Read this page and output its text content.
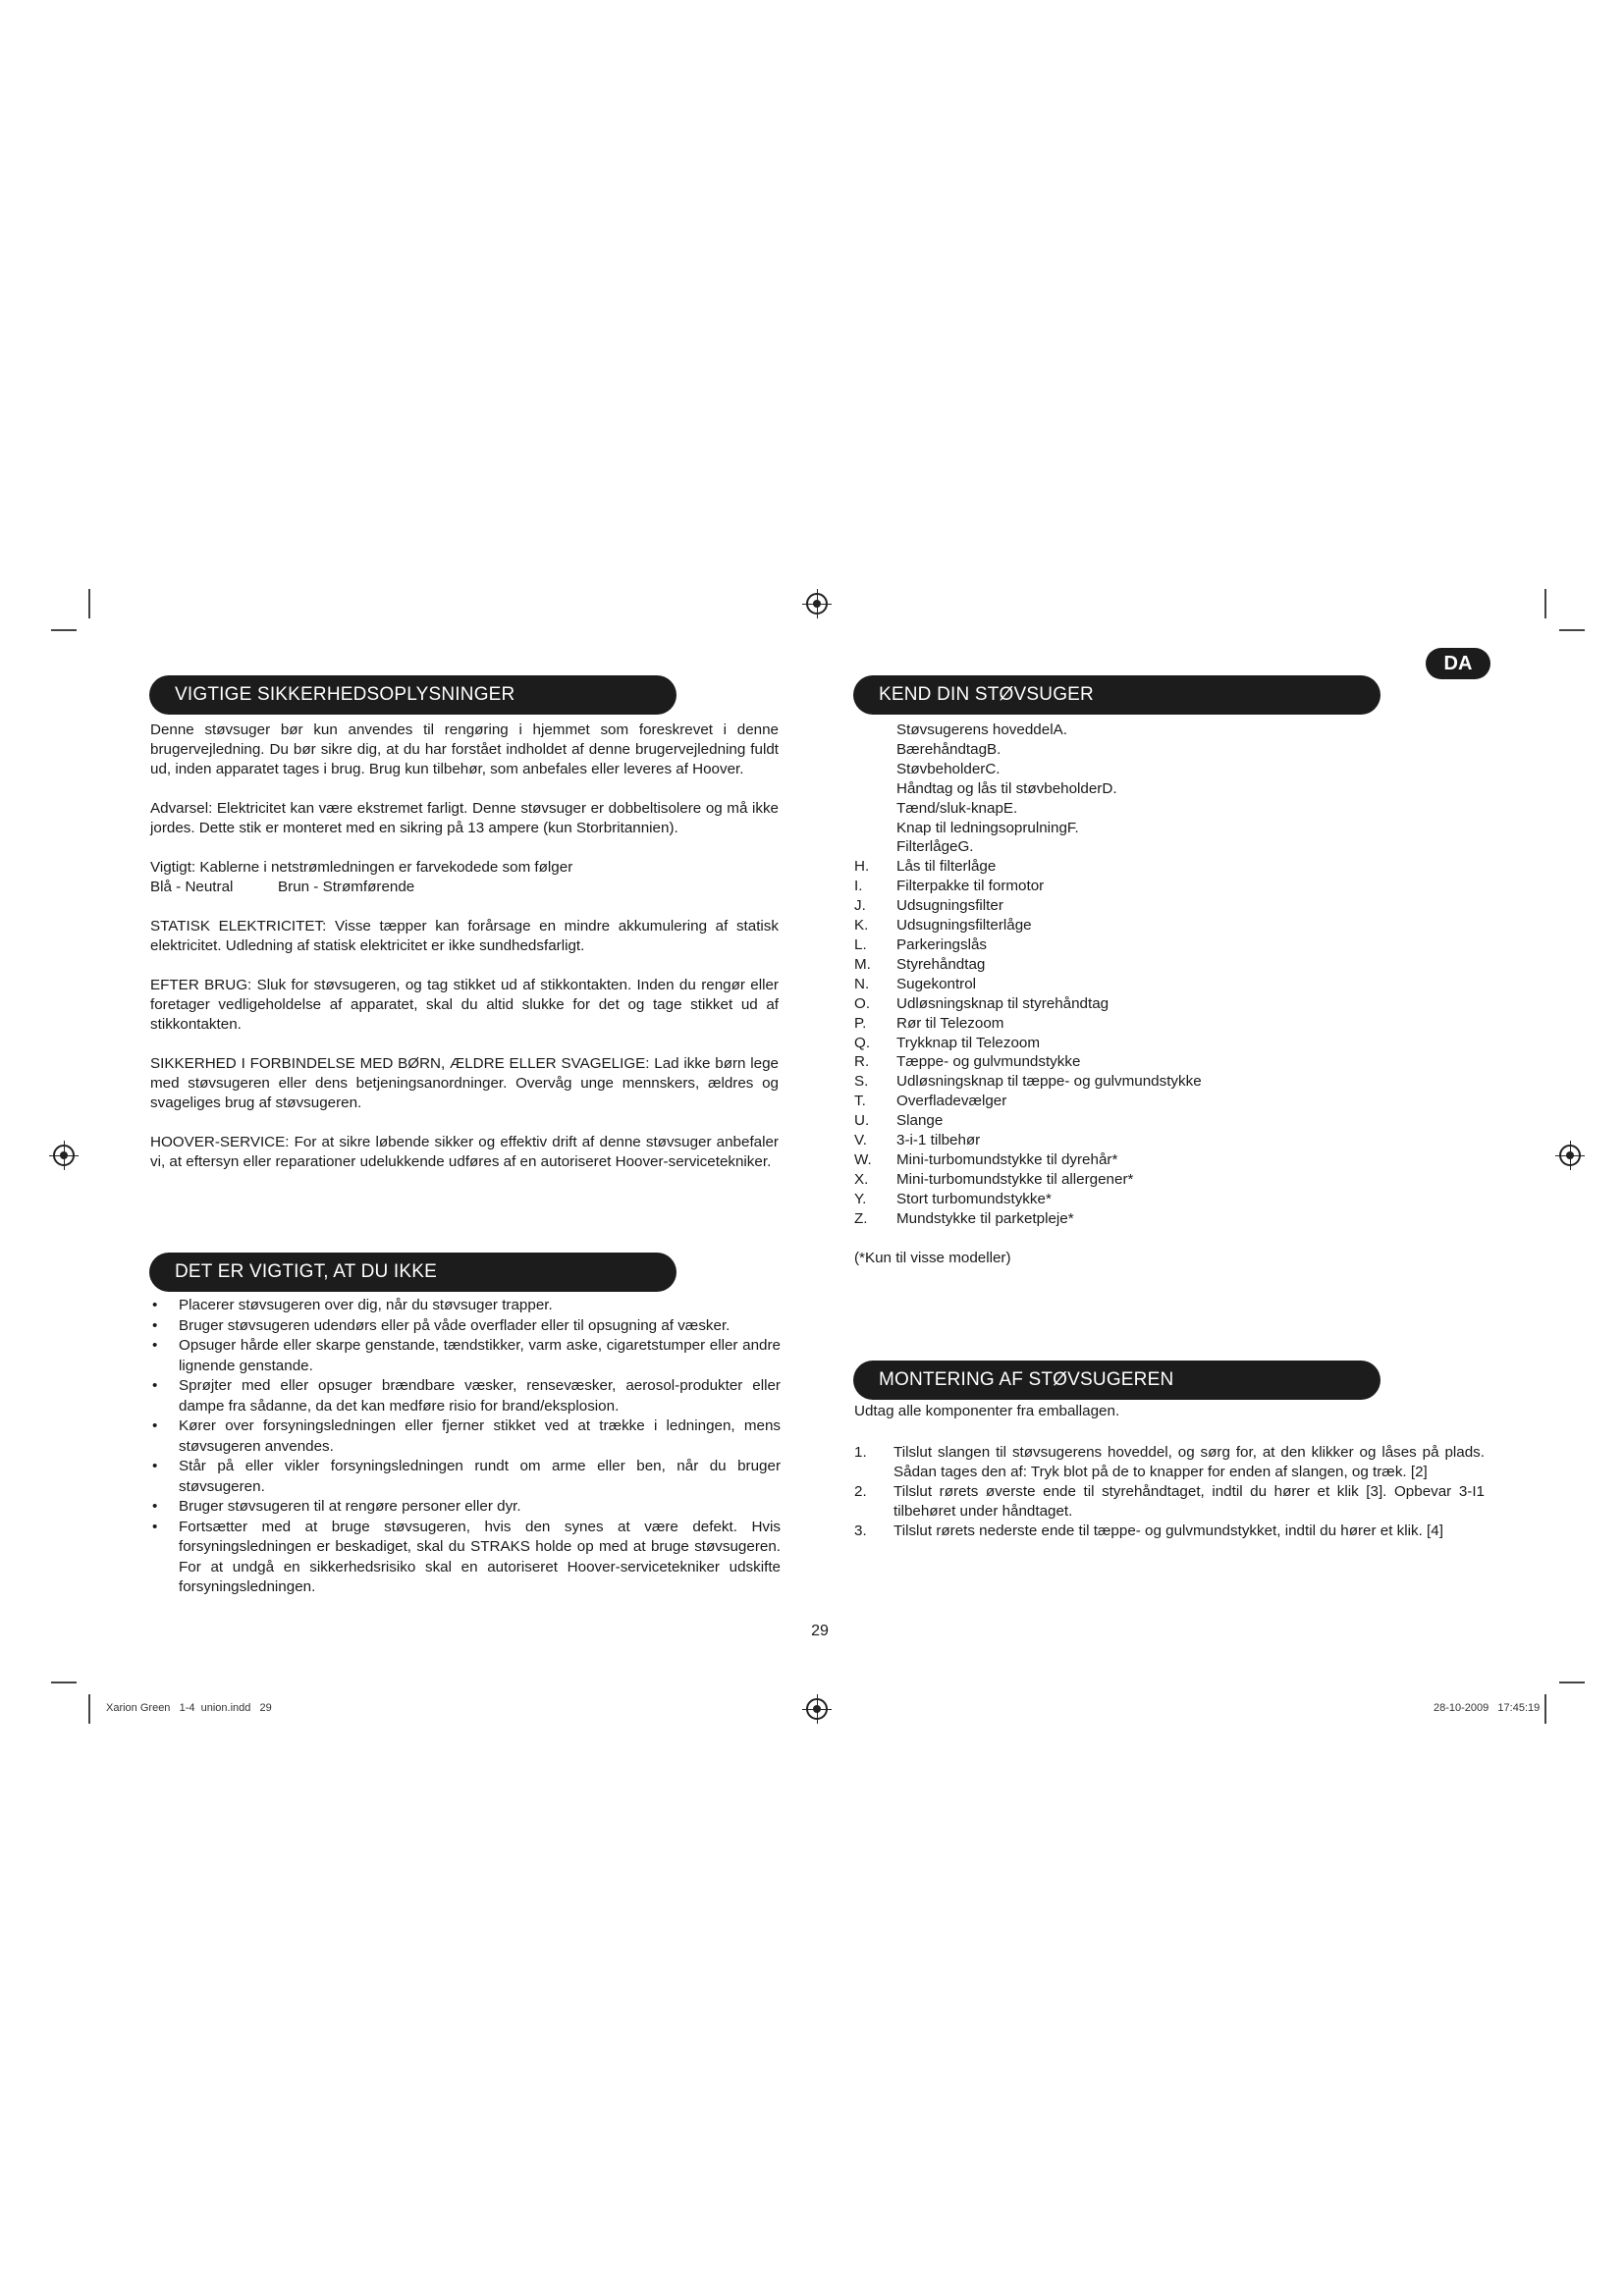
DA
VIGTIGE SIKKERHEDSOPLYSNINGER

Denne støvsuger bør kun anvendes til rengøring i hjemmet som foreskrevet i denne brugervejledning. Du bør sikre dig, at du har forstået indholdet af denne brugervejledning fuldt ud, inden apparatet tages i brug. Brug kun tilbehør, som anbefales eller leveres af Hoover.

Advarsel: Elektricitet kan være ekstremet farligt. Denne støvsuger er dobbeltisolere og må ikke jordes. Dette stik er monteret med en sikring på 13 ampere (kun Storbritannien).

Vigtigt: Kablerne i netstrømledningen er farvekodede som følger
Blå - Neutral	Brun - Strømførende

STATISK ELEKTRICITET: Visse tæpper kan forårsage en mindre akkumulering af statisk elektricitet. Udledning af statisk elektricitet er ikke sundhedsfarligt.

EFTER BRUG: Sluk for støvsugeren, og tag stikket ud af stikkontakten. Inden du rengør eller foretager vedligeholdelse af apparatet, skal du altid slukke for det og tage stikket ud af stikkontakten.

SIKKERHED I FORBINDELSE MED BØRN, ÆLDRE ELLER SVAGELIGE: Lad ikke børn lege med støvsugeren eller dens betjeningsanordninger. Overvåg unge mennskers, ældres og svageliges brug af støvsugeren.

HOOVER-SERVICE: For at sikre løbende sikker og effektiv drift af denne støvsuger anbefaler vi, at eftersyn eller reparationer udelukkende udføres af en autoriseret Hoover-servicetekniker.

DET ER VIGTIGT, AT DU IKKE
• Placerer støvsugeren over dig, når du støvsuger trapper.
• Bruger støvsugeren udendørs eller på våde overflader eller til opsugning af væsker.
• Opsuger hårde eller skarpe genstande, tændstikker, varm aske, cigaretstumper eller andre lignende genstande.
• Sprøjter med eller opsuger brændbare væsker, rensevæsker, aerosol-produkter eller dampe fra sådanne, da det kan medføre risio for brand/eksplosion.
• Kører over forsyningsledningen eller fjerner stikket ved at trække i ledningen, mens støvsugeren anvendes.
• Står på eller vikler forsyningsledningen rundt om arme eller ben, når du bruger støvsugeren.
• Bruger støvsugeren til at rengøre personer eller dyr.
• Fortsætter med at bruge støvsugeren, hvis den synes at være defekt. Hvis forsyningsledningen er beskadiget, skal du STRAKS holde op med at bruge støvsugeren. For at undgå en sikkerhedsrisiko skal en autoriseret Hoover-servicetekniker udskifte forsyningsledningen.
KEND DIN STØVSUGER
Støvsugerens hoveddelA.
BærehåndtagB.
StøvbeholderC.
Håndtag og lås til støvbeholderD.
Tænd/sluk-knapE.
Knap til ledningsoprulningF.
FilterlågeG.
H. Lås til filterlåge
I. Filterpakke til formotor
J. Udsugningsfilter
K. Udsugningsfilterlåge
L. Parkeringslås
M. Styrehåndtag
N. Sugekontrol
O. Udløsningsknap til styrehåndtag
P. Rør til Telezoom
Q. Trykknap til Telezoom
R. Tæppe- og gulvmundstykke
S. Udløsningsknap til tæppe- og gulvmundstykke
T. Overfladevælger
U. Slange
V. 3-i-1 tilbehør
W. Mini-turbomundstykke til dyrehår*
X. Mini-turbomundstykke til allergener*
Y. Stort turbomundstykke*
Z. Mundstykke til parketpleje*
(*Kun til visse modeller)
MONTERING AF STØVSUGEREN
Udtag alle komponenter fra emballagen.
1. Tilslut slangen til støvsugerens hoveddel, og sørg for, at den klikker og låses på plads. Sådan tages den af: Tryk blot på de to knapper for enden af slangen, og træk. [2]
2. Tilslut rørets øverste ende til styrehåndtaget, indtil du hører et klik [3]. Opbevar 3-I1 tilbehøret under håndtaget.
3. Tilslut rørets nederste ende til tæppe- og gulvmundstykket, indtil du hører et klik. [4]
29
Xarion Green   1-4  union.indd   29	28-10-2009   17:45:19
